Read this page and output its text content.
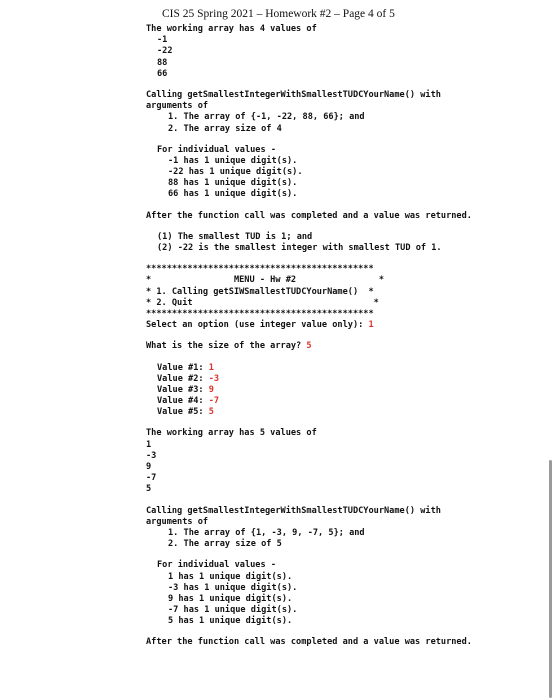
CIS 25 Spring 2021 – Homework #2 – Page 4 of 5
The working array has 4 values of
-1
-22
88
66
Calling getSmallestIntegerWithSmallestTUDCYourName() with
arguments of
1. The array of {-1, -22, 88, 66}; and
2. The array size of 4
For individual values -
-1 has 1 unique digit(s).
-22 has 1 unique digit(s).
88 has 1 unique digit(s).
66 has 1 unique digit(s).
After the function call was completed and a value was returned.
(1) The smallest TUD is 1; and
(2) -22 is the smallest integer with smallest TUD of 1.
********************************************
*                MENU - Hw #2                *
* 1. Calling getSIWSmallestTUDCYourName()  *
* 2. Quit                                   *
********************************************
Select an option (use integer value only): 1
What is the size of the array? 5
Value #1: 1
Value #2: -3
Value #3: 9
Value #4: -7
Value #5: 5
The working array has 5 values of
1
-3
9
-7
5
Calling getSmallestIntegerWithSmallestTUDCYourName() with
arguments of
1. The array of {1, -3, 9, -7, 5}; and
2. The array size of 5
For individual values -
1 has 1 unique digit(s).
-3 has 1 unique digit(s).
9 has 1 unique digit(s).
-7 has 1 unique digit(s).
5 has 1 unique digit(s).
After the function call was completed and a value was returned.
